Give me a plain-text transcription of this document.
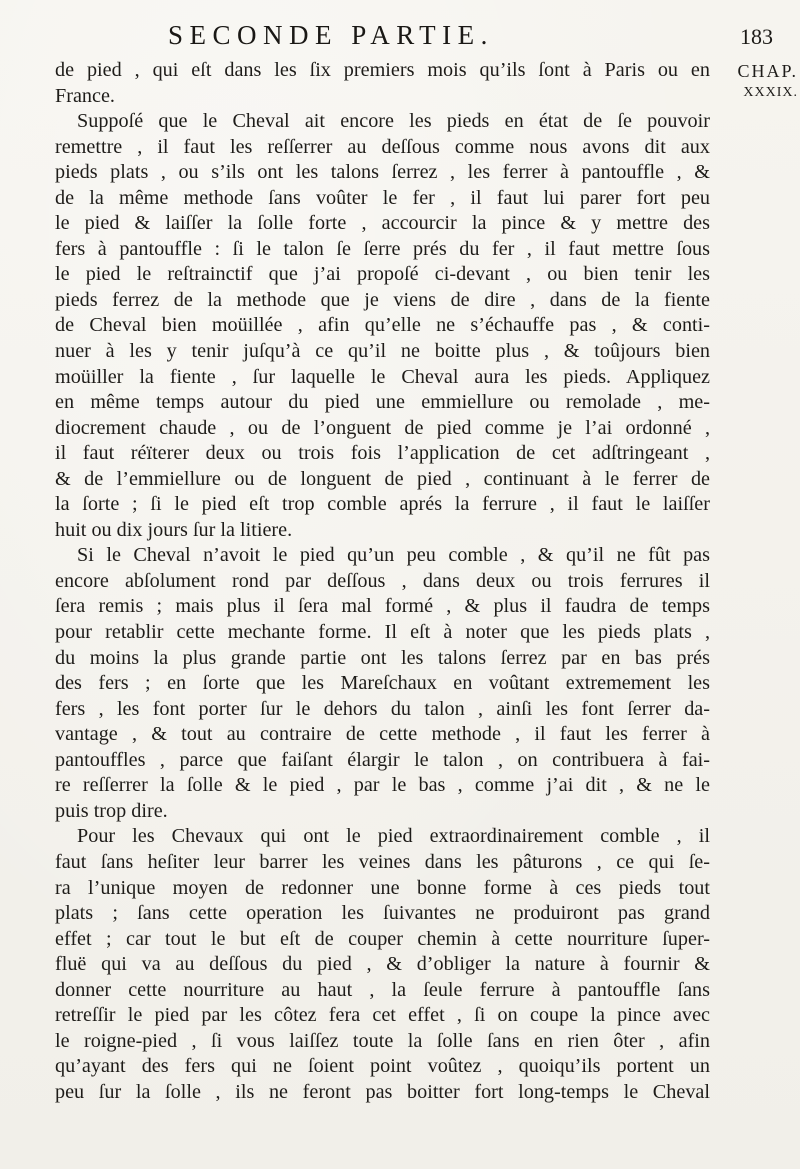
SECONDE PARTIE.	183
CHAP.
XXXIX.
de pied , qui eſt dans les ſix premiers mois qu’ils ſont à Paris ou en
France.
Suppoſé que le Cheval ait encore les pieds en état de ſe pouvoir
remettre , il faut les reſſerrer au deſſous comme nous avons dit aux
pieds plats , ou s’ils ont les talons ſerrez , les ferrer à pantouffle , &
de la même methode ſans voûter le fer , il faut lui parer fort peu
le pied & laiſſer la ſolle forte , accourcir la pince & y mettre des
fers à pantouffle : ſi le talon ſe ſerre prés du fer , il faut mettre ſous
le pied le reſtrainctif que j’ai propoſé ci-devant , ou bien tenir les
pieds ferrez de la methode que je viens de dire , dans de la fiente
de Cheval bien moüillée , afin qu’elle ne s’échauffe pas , & conti-
nuer à les y tenir juſqu’à ce qu’il ne boitte plus , & toûjours bien
moüiller la fiente , ſur laquelle le Cheval aura les pieds. Appliquez
en même temps autour du pied une emmiellure ou remolade , me-
diocrement chaude , ou de l’onguent de pied comme je l’ai ordonné ,
il faut réïterer deux ou trois fois l’application de cet adſtringeant ,
& de l’emmiellure ou de longuent de pied , continuant à le ferrer de
la ſorte ; ſi le pied eſt trop comble aprés la ferrure , il faut le laiſſer
huit ou dix jours ſur la litiere.
Si le Cheval n’avoit le pied qu’un peu comble , & qu’il ne fût pas
encore abſolument rond par deſſous , dans deux ou trois ferrures il
ſera remis ; mais plus il ſera mal formé , & plus il faudra de temps
pour retablir cette mechante forme. Il eſt à noter que les pieds plats ,
du moins la plus grande partie ont les talons ſerrez par en bas prés
des fers ; en ſorte que les Mareſchaux en voûtant extremement les
fers , les font porter ſur le dehors du talon , ainſi les font ſerrer da-
vantage , & tout au contraire de cette methode , il faut les ferrer à
pantouffles , parce que faiſant élargir le talon , on contribuera à fai-
re reſſerrer la ſolle & le pied , par le bas , comme j’ai dit , & ne le
puis trop dire.
Pour les Chevaux qui ont le pied extraordinairement comble , il
faut ſans heſiter leur barrer les veines dans les pâturons , ce qui ſe-
ra l’unique moyen de redonner une bonne forme à ces pieds tout
plats ; ſans cette operation les ſuivantes ne produiront pas grand
effet ; car tout le but eſt de couper chemin à cette nourriture ſuper-
fluë qui va au deſſous du pied , & d’obliger la nature à fournir &
donner cette nourriture au haut , la ſeule ferrure à pantouffle ſans
retreſſir le pied par les côtez fera cet effet , ſi on coupe la pince avec
le roigne-pied , ſi vous laiſſez toute la ſolle ſans en rien ôter , afin
qu’ayant des fers qui ne ſoient point voûtez , quoiqu’ils portent un
peu ſur la ſolle , ils ne feront pas boitter fort long-temps le Cheval
